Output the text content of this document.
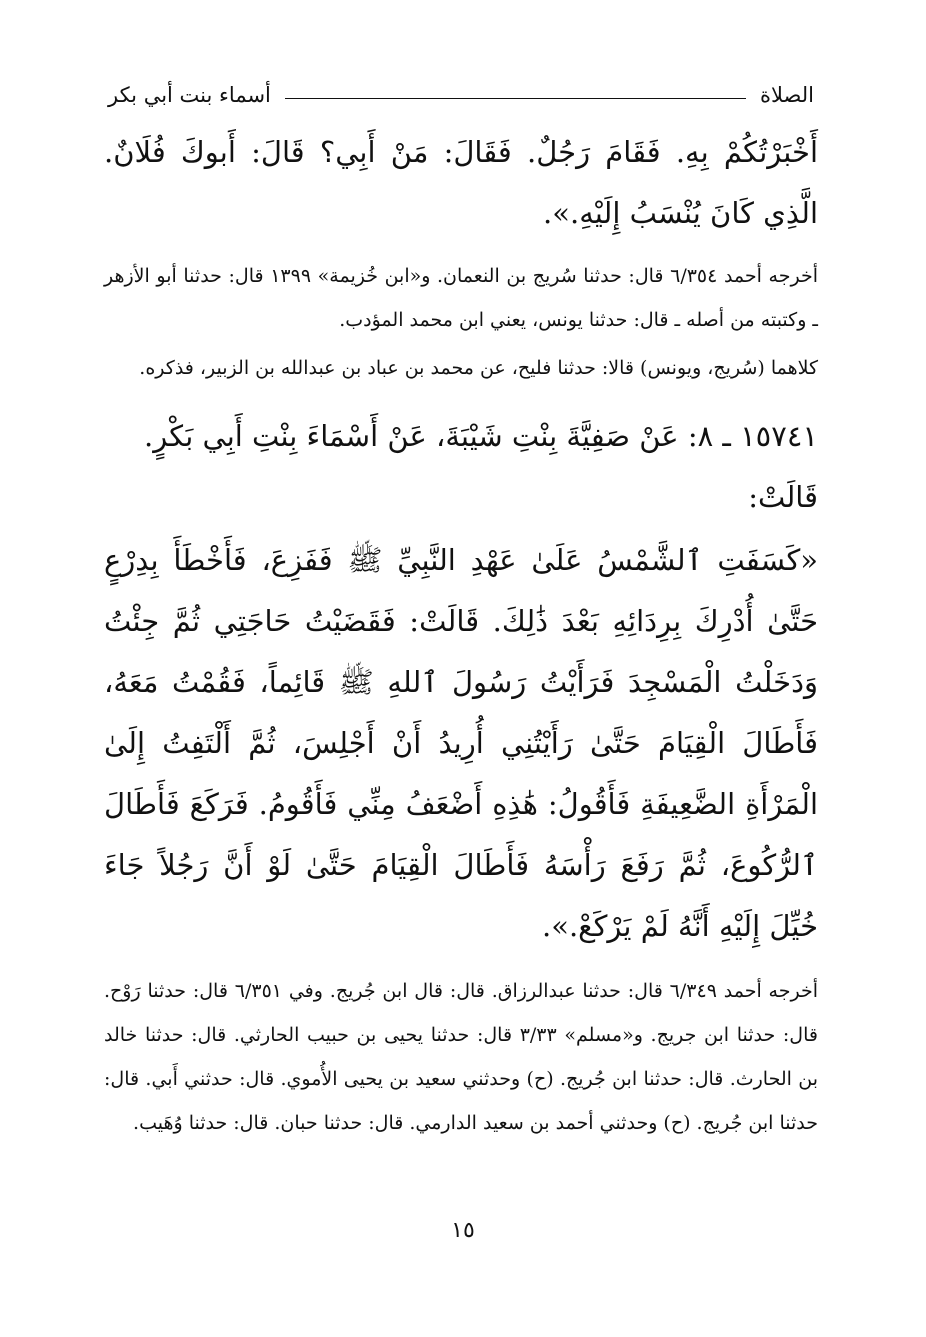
الصلاة
أسماء بنت أبي بكر

أَخْبَرْتُكُمْ بِهِ. فَقَامَ رَجُلٌ. فَقَالَ: مَنْ أَبِي؟ قَالَ: أَبوكَ فُلَانٌ. الَّذِي كَانَ يُنْسَبُ إِلَيْهِ.».

أخرجه أحمد ٦/٣٥٤ قال: حدثنا سُريج بن النعمان. و«ابن خُزيمة» ١٣٩٩ قال: حدثنا أبو الأزهر ـ وكتبته من أصله ـ قال: حدثنا يونس، يعني ابن محمد المؤدب.

كلاهما (سُريج، ويونس) قالا: حدثنا فليح، عن محمد بن عباد بن عبدالله بن الزبير، فذكره.

١٥٧٤١ ـ ٨: عَنْ صَفِيَّةَ بِنْتِ شَيْبَةَ، عَنْ أَسْمَاءَ بِنْتِ أَبِي بَكْرٍ.

قَالَتْ:

«كَسَفَتِ ٱلشَّمْسُ عَلَىٰ عَهْدِ النَّبِيِّ ﷺ فَفَزِعَ، فَأَخْطَأَ بِدِرْعٍ حَتَّىٰ أُدْرِكَ بِرِدَائِهِ بَعْدَ ذَٰلِكَ. قَالَتْ: فَقَضَيْتُ حَاجَتِي ثُمَّ جِئْتُ وَدَخَلْتُ الْمَسْجِدَ فَرَأَيْتُ رَسُولَ ٱللهِ ﷺ قَائِماً، فَقُمْتُ مَعَهُ، فَأَطَالَ الْقِيَامَ حَتَّىٰ رَأَيْتُنِي أُرِيدُ أَنْ أَجْلِسَ، ثُمَّ أَلْتَفِتُ إِلَىٰ الْمَرْأَةِ الضَّعِيفَةِ فَأَقُولُ: هَٰذِهِ أَضْعَفُ مِنِّي فَأَقُومُ. فَرَكَعَ فَأَطَالَ ٱلرُّكُوعَ، ثُمَّ رَفَعَ رَأْسَهُ فَأَطَالَ الْقِيَامَ حَتَّىٰ لَوْ أَنَّ رَجُلاً جَاءَ خُيِّلَ إِلَيْهِ أَنَّهُ لَمْ يَرْكَعْ.».

أخرجه أحمد ٦/٣٤٩ قال: حدثنا عبدالرزاق. قال: قال ابن جُريج. وفي ٦/٣٥١ قال: حدثنا رَوْح. قال: حدثنا ابن جريج. و«مسلم» ٣/٣٣ قال: حدثنا يحيى بن حبيب الحارثي. قال: حدثنا خالد بن الحارث. قال: حدثنا ابن جُريج. (ح) وحدثني سعيد بن يحيى الأُموي. قال: حدثني أَبي. قال: حدثنا ابن جُريج. (ح) وحدثني أحمد بن سعيد الدارمي. قال: حدثنا حبان. قال: حدثنا وُهَيب.

١٥
